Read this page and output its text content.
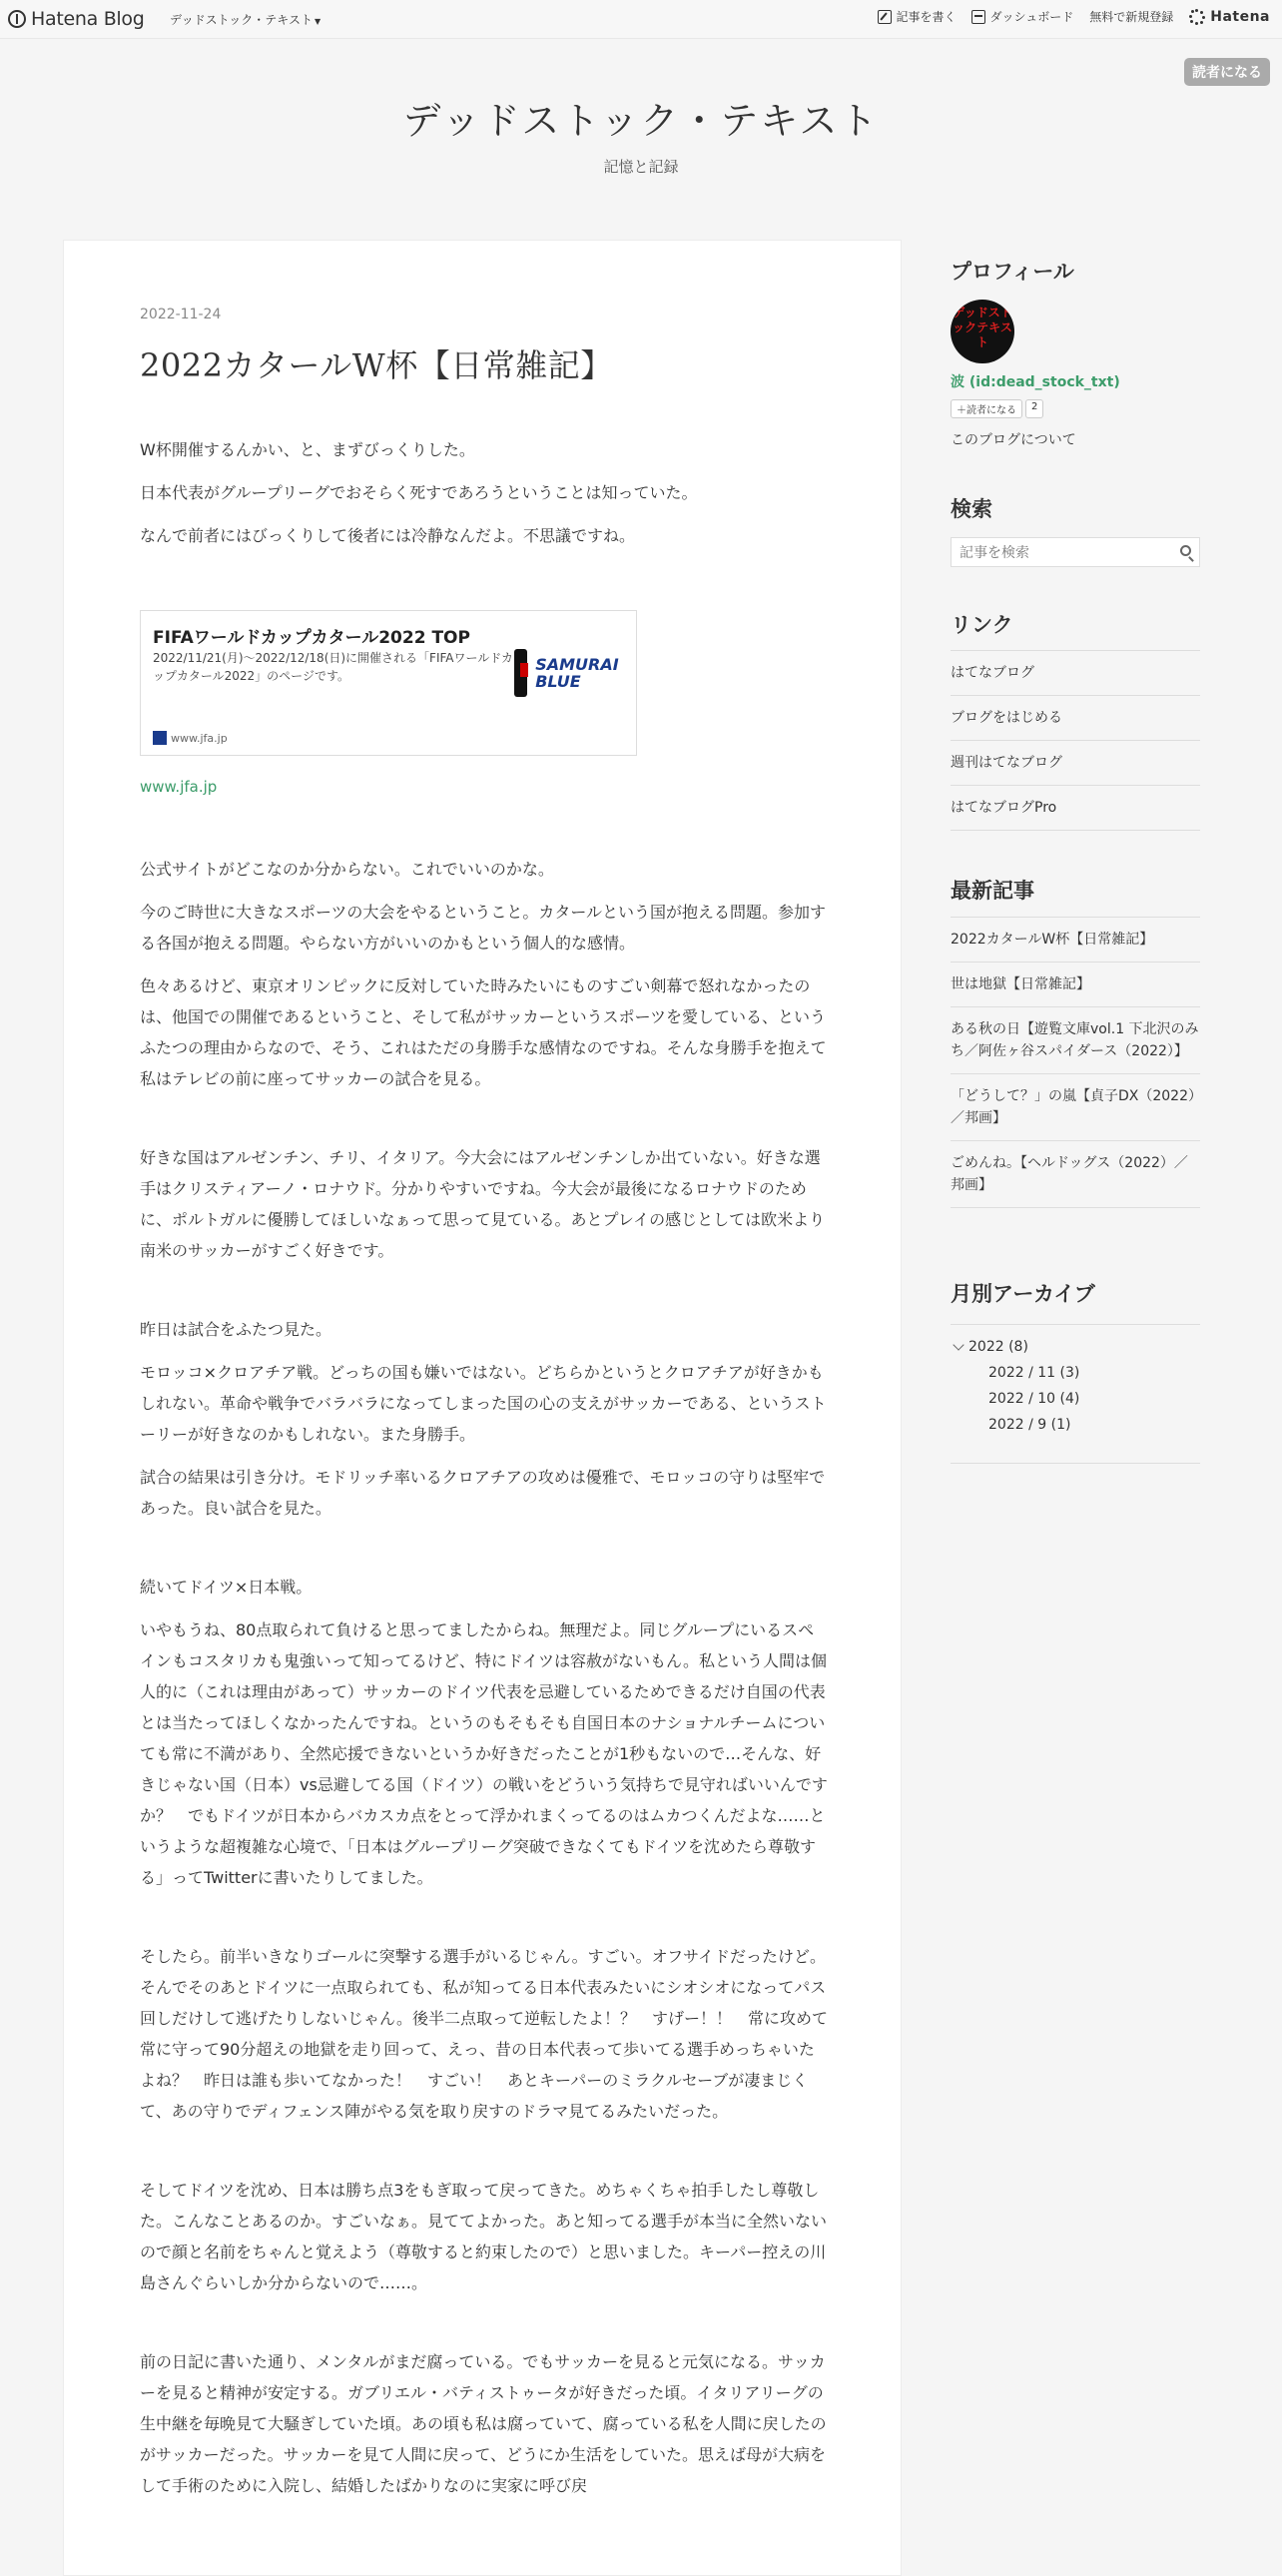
Hatena Blog デッドストック・テキスト ▼	記事を書く	ダッシュボード 無料で新規登録	Hatena
読者になる
デッドストック・テキスト
記憶と記録
2022-11-24
2022カタールW杯【日常雑記】

W杯開催するんかい、と、まずびっくりした。

日本代表がグループリーグでおそらく死すであろうということは知っていた。

なんで前者にはびっくりして後者には冷静なんだよ。不思議ですね。

FIFAワールドカップカタール2022 TOP
2022/11/21(月)～2022/12/18(日)に開催される「FIFAワールドカップカタール2022」のページです。
SAMURAI BLUE
www.jfa.jp
www.jfa.jp

公式サイトがどこなのか分からない。これでいいのかな。

今のご時世に大きなスポーツの大会をやるということ。カタールという国が抱える問題。参加する各国が抱える問題。やらない方がいいのかもという個人的な感情。

色々あるけど、東京オリンピックに反対していた時みたいにものすごい剣幕で怒れなかったのは、他国での開催であるということ、そして私がサッカーというスポーツを愛している、というふたつの理由からなので、そう、これはただの身勝手な感情なのですね。そんな身勝手を抱えて私はテレビの前に座ってサッカーの試合を見る。

好きな国はアルゼンチン、チリ、イタリア。今大会にはアルゼンチンしか出ていない。好きな選手はクリスティアーノ・ロナウド。分かりやすいですね。今大会が最後になるロナウドのために、ポルトガルに優勝してほしいなぁって思って見ている。あとプレイの感じとしては欧米より南米のサッカーがすごく好きです。

昨日は試合をふたつ見た。

モロッコ×クロアチア戦。どっちの国も嫌いではない。どちらかというとクロアチアが好きかもしれない。革命や戦争でバラバラになってしまった国の心の支えがサッカーである、というストーリーが好きなのかもしれない。また身勝手。

試合の結果は引き分け。モドリッチ率いるクロアチアの攻めは優雅で、モロッコの守りは堅牢であった。良い試合を見た。

続いてドイツ×日本戦。

いやもうね、80点取られて負けると思ってましたからね。無理だよ。同じグループにいるスペインもコスタリカも鬼強いって知ってるけど、特にドイツは容赦がないもん。私という人間は個人的に（これは理由があって）サッカーのドイツ代表を忌避しているためできるだけ自国の代表とは当たってほしくなかったんですね。というのもそもそも自国日本のナショナルチームについても常に不満があり、全然応援できないというか好きだったことが1秒もないので…そんな、好きじゃない国（日本）vs忌避してる国（ドイツ）の戦いをどういう気持ちで見守ればいいんですか？　でもドイツが日本からバカスカ点をとって浮かれまくってるのはムカつくんだよな……というような超複雑な心境で、「日本はグループリーグ突破できなくてもドイツを沈めたら尊敬する」ってTwitterに書いたりしてました。

そしたら。前半いきなりゴールに突撃する選手がいるじゃん。すごい。オフサイドだったけど。そんでそのあとドイツに一点取られても、私が知ってる日本代表みたいにシオシオになってパス回しだけして逃げたりしないじゃん。後半二点取って逆転したよ！？　すげー！！　常に攻めて常に守って90分超えの地獄を走り回って、えっ、昔の日本代表って歩いてる選手めっちゃいたよね？　昨日は誰も歩いてなかった！　すごい！　あとキーパーのミラクルセーブが凄まじくて、あの守りでディフェンス陣がやる気を取り戻すのドラマ見てるみたいだった。

そしてドイツを沈め、日本は勝ち点3をもぎ取って戻ってきた。めちゃくちゃ拍手したし尊敬した。こんなことあるのか。すごいなぁ。見ててよかった。あと知ってる選手が本当に全然いないので顔と名前をちゃんと覚えよう（尊敬すると約束したので）と思いました。キーパー控えの川島さんぐらいしか分からないので……。

前の日記に書いた通り、メンタルがまだ腐っている。でもサッカーを見ると元気になる。サッカーを見ると精神が安定する。ガブリエル・バティストゥータが好きだった頃。イタリアリーグの生中継を毎晩見て大騒ぎしていた頃。あの頃も私は腐っていて、腐っている私を人間に戻したのがサッカーだった。サッカーを見て人間に戻って、どうにか生活をしていた。思えば母が大病をして手術のために入院し、結婚したばかりなのに実家に呼び戻

プロフィール
デッドストックテキスト
波 (id:dead_stock_txt)
＋読者になる	2
このブログについて
検索
記事を検索
リンク
はてなブログ
ブログをはじめる
週刊はてなブログ
はてなブログPro
最新記事
2022カタールW杯【日常雑記】
世は地獄【日常雑記】
ある秋の日【遊覧文庫vol.1 下北沢のみち／阿佐ヶ谷スパイダース（2022）】
「どうして？」の嵐【貞子DX（2022）／邦画】
ごめんね。【ヘルドッグス（2022）／邦画】
月別アーカイブ
2022 (8)
2022 / 11 (3)
2022 / 10 (4)
2022 / 9 (1)
